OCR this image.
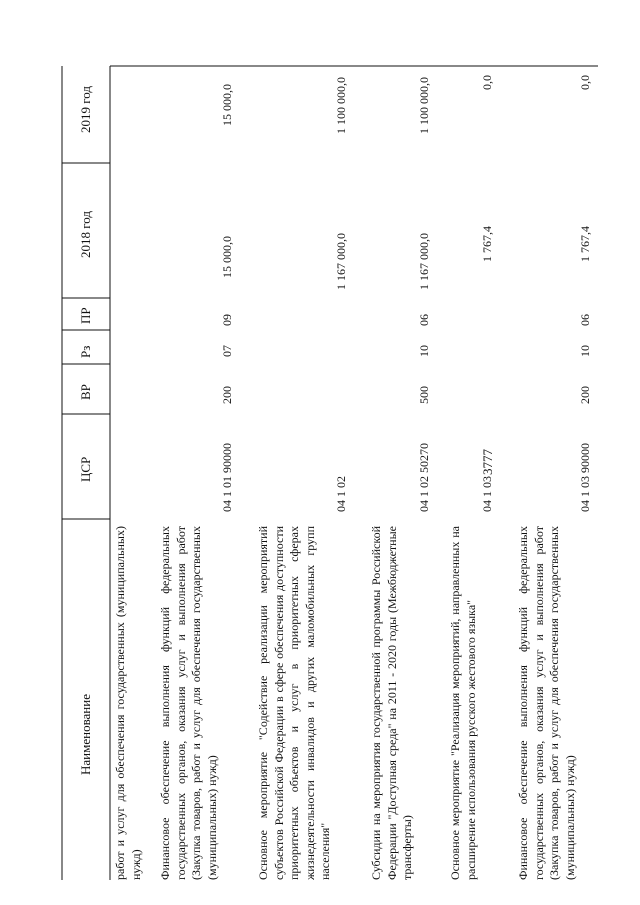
3777
Наименование
ЦСР
ВР
Рз
ПР
2018 год
2019 год
работ и услуг для обеспечения государственных (муниципальных) нужд) Финансовое обеспечение выполнения функций федеральных государственных органов, оказания услуг и выполнения работ (Закупка товаров, работ и услуг для обеспечения государственных (муниципальных) нужд)
04 1 01 90000
200
07
09
15 000,0
15 000,0
Основное мероприятие "Содействие реализации мероприятий субъектов Российской Федерации в сфере обеспечения доступности приоритетных объектов и услуг в приоритетных сферах жизнедеятельности инвалидов и других маломобильных групп населения"
04 1 02
1 167 000,0
1 100 000,0
Субсидии на мероприятия государственной программы Российской Федерации "Доступная среда" на 2011 - 2020 годы (Межбюджетные трансферты)
04 1 02 50270
500
10
06
1 167 000,0
1 100 000,0
Основное мероприятие "Реализация мероприятий, направленных на расширение использования русского жестового языка"
04 1 03
1 767,4
0,0
Финансовое обеспечение выполнения функций федеральных государственных органов, оказания услуг и выполнения работ (Закупка товаров, работ и услуг для обеспечения государственных (муниципальных) нужд)
04 1 03 90000
200
10
06
1 767,4
0,0
